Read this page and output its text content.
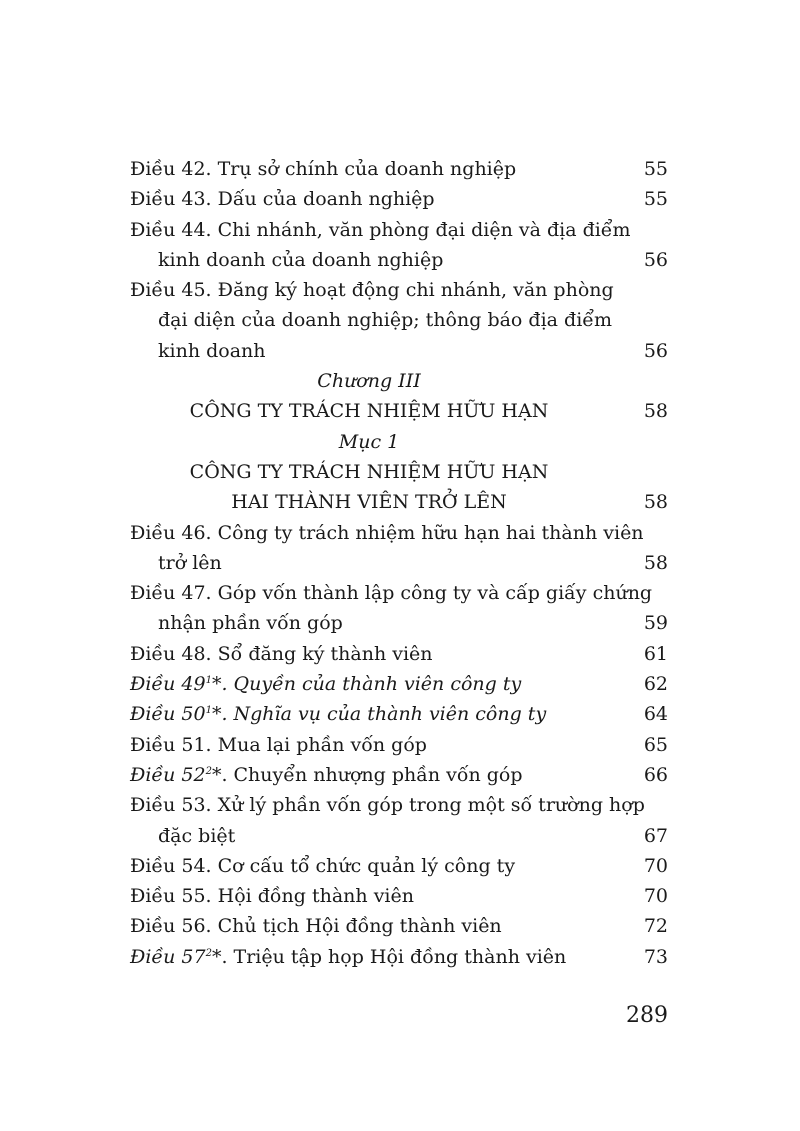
Điều 42. Trụ sở chính của doanh nghiệp	55
Điều 43. Dấu của doanh nghiệp	55
Điều 44. Chi nhánh, văn phòng đại diện và địa điểm
kinh doanh của doanh nghiệp	56
Điều 45. Đăng ký hoạt động chi nhánh, văn phòng
đại diện của doanh nghiệp; thông báo địa điểm
kinh doanh	56
Chương III
CÔNG TY TRÁCH NHIỆM HỮU HẠN	58
Mục 1
CÔNG TY TRÁCH NHIỆM HỮU HẠN
HAI THÀNH VIÊN TRỞ LÊN	58
Điều 46. Công ty trách nhiệm hữu hạn hai thành viên
trở lên	58
Điều 47. Góp vốn thành lập công ty và cấp giấy chứng
nhận phần vốn góp	59
Điều 48. Sổ đăng ký thành viên	61
Điều $49^1*$. Quyền của thành viên công ty	62
Điều $50^1*$. Nghĩa vụ của thành viên công ty	64
Điều 51. Mua lại phần vốn góp	65
Điều $52^2*$. Chuyển nhượng phần vốn góp	66
Điều 53. Xử lý phần vốn góp trong một số trường hợp
đặc biệt	67
Điều 54. Cơ cấu tổ chức quản lý công ty	70
Điều 55. Hội đồng thành viên	70
Điều 56. Chủ tịch Hội đồng thành viên	72
Điều $57^2*$. Triệu tập họp Hội đồng thành viên	73
289
